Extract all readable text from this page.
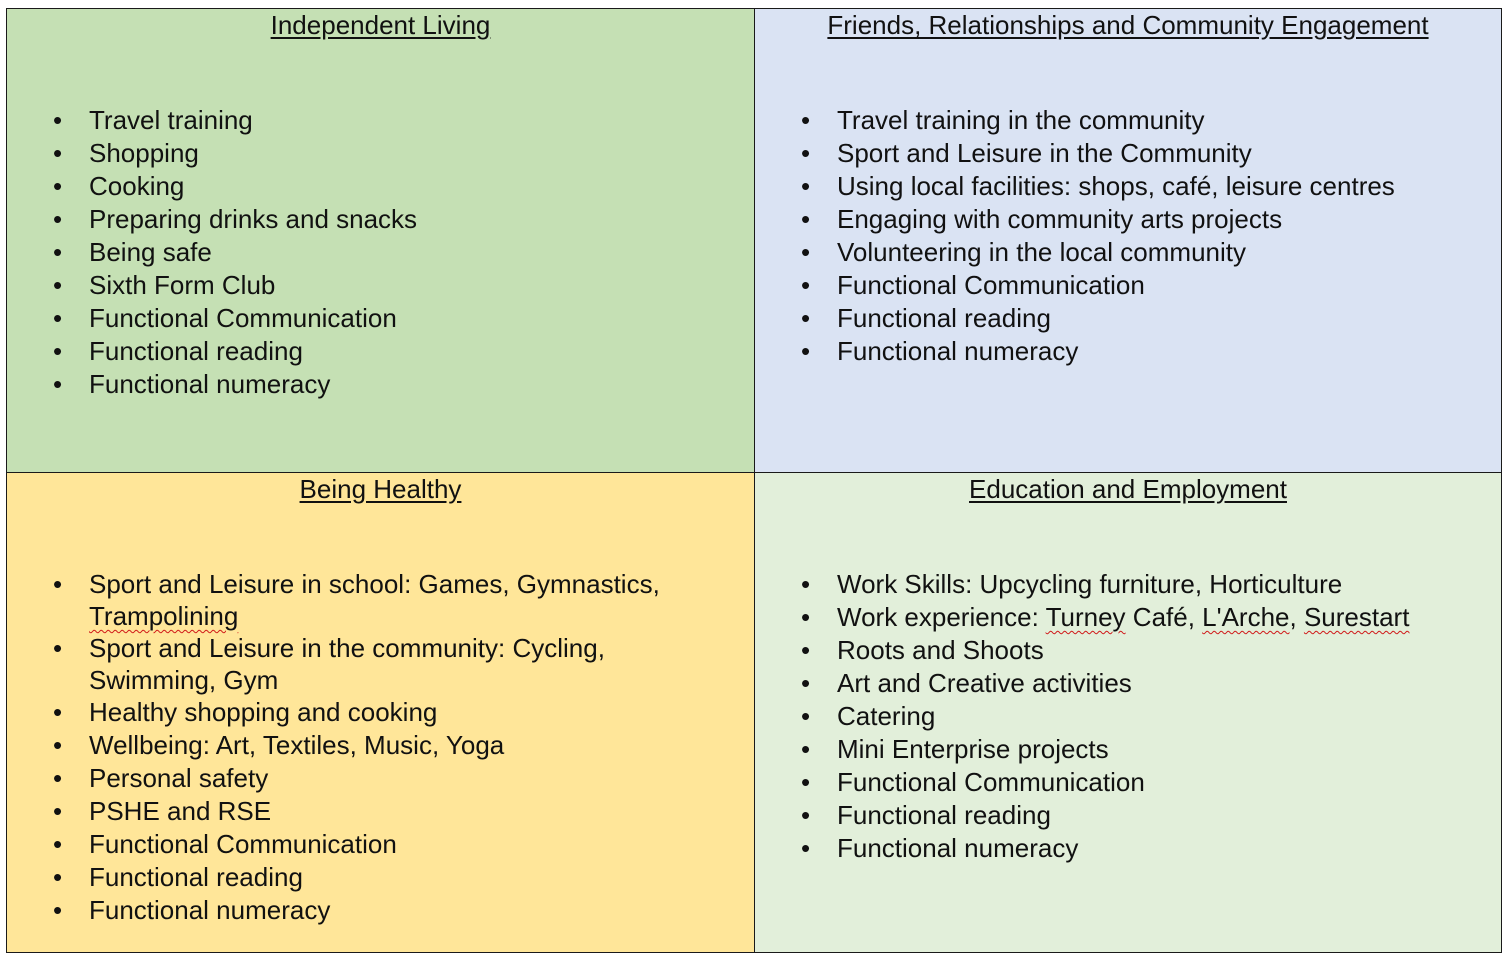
Independent Living
• Travel training
• Shopping
• Cooking
• Preparing drinks and snacks
• Being safe
• Sixth Form Club
• Functional Communication
• Functional reading
• Functional numeracy
Friends, Relationships and Community Engagement
• Travel training in the community
• Sport and Leisure in the Community
• Using local facilities: shops, café, leisure centres
• Engaging with community arts projects
• Volunteering in the local community
• Functional Communication
• Functional reading
• Functional numeracy
Being Healthy
• Sport and Leisure in school: Games, Gymnastics, Trampolining
• Sport and Leisure in the community: Cycling, Swimming, Gym
• Healthy shopping and cooking
• Wellbeing: Art, Textiles, Music, Yoga
• Personal safety
• PSHE and RSE
• Functional Communication
• Functional reading
• Functional numeracy
Education and Employment
• Work Skills: Upcycling furniture, Horticulture
• Work experience: Turney Café, L'Arche, Surestart
• Roots and Shoots
• Art and Creative activities
• Catering
• Mini Enterprise projects
• Functional Communication
• Functional reading
• Functional numeracy
